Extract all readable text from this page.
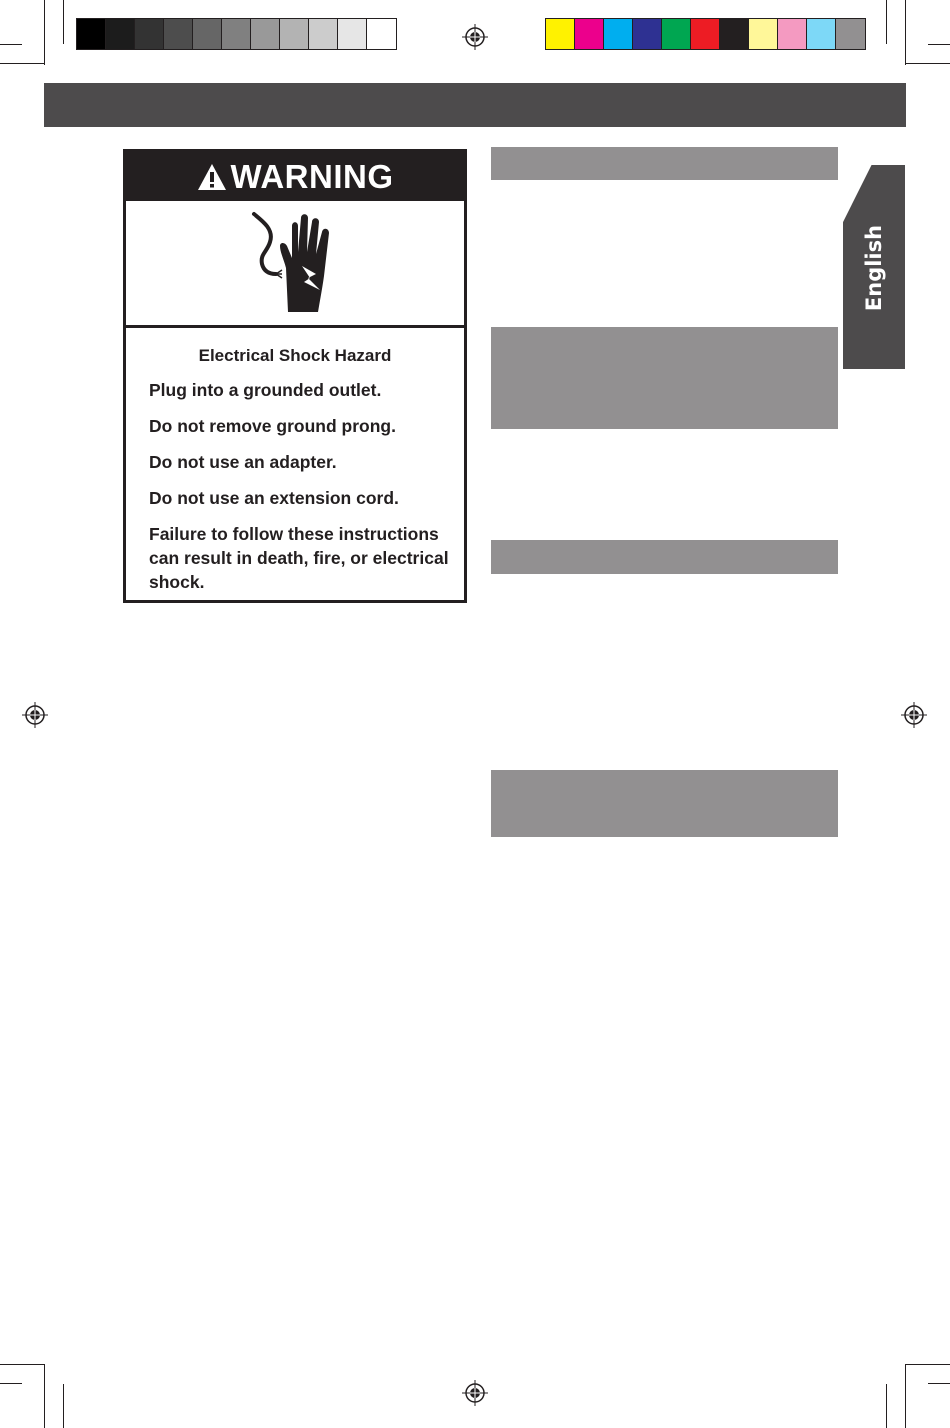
English
WARNING
Electrical Shock Hazard

Plug into a grounded outlet.

Do not remove ground prong.

Do not use an adapter.

Do not use an extension cord.

Failure to follow these instructions can result in death, fire, or electrical shock.
